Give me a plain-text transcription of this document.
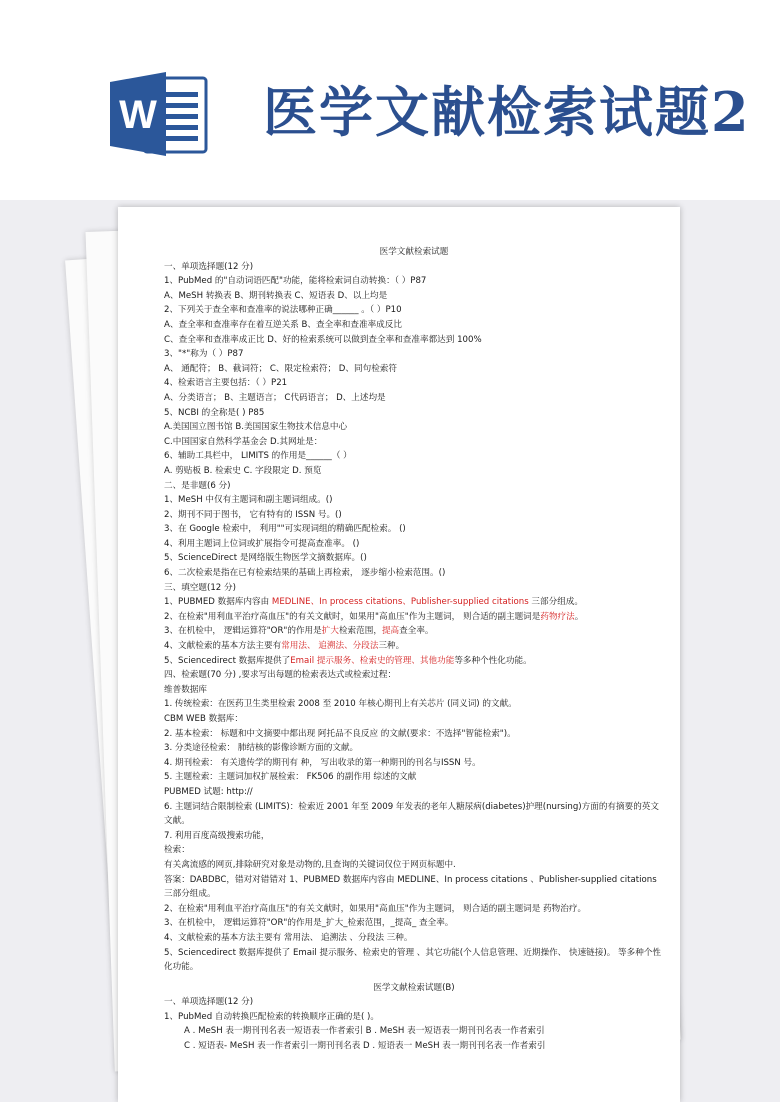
W 医学文献检索试题2
医学文献检索试题
一、单项选择题(12 分)
1、PubMed 的"自动词语匹配"功能，能将检索词自动转换：（ ）P87
A、MeSH 转换表 B、期刊转换表 C、短语表 D、以上均是
2、下列关于查全率和查准率的说法哪种正确______ 。（ ）P10
A、查全率和查准率存在着互逆关系 B、查全率和查准率成反比
C、查全率和查准率成正比 D、好的检索系统可以做到查全率和查准率都达到 100%
3、"*"称为（ ）P87
A、 通配符； B、截词符； C、限定检索符； D、同句检索符
4、检索语言主要包括：（ ）P21
A、分类语言； B、主题语言； C代码语言； D、上述均是
5、NCBI 的全称是( ) P85
A.美国国立图书馆 B.美国国家生物技术信息中心
C.中国国家自然科学基金会 D.其网址是：
6、辅助工具栏中， LIMITS 的作用是______（ ）
A. 剪贴板 B. 检索史 C. 字段限定 D. 预览
二、是非题(6 分)
1、MeSH 中仅有主题词和副主题词组成。()
2、期刊不同于图书， 它有特有的 ISSN 号。()
3、在 Google 检索中， 利用""可实现词组的精确匹配检索。 ()
4、利用主题词上位词或扩展指令可提高查准率。 ()
5、ScienceDirect 是网络版生物医学文摘数据库。()
6、二次检索是指在已有检索结果的基础上再检索， 逐步缩小检索范围。()
三、填空题(12 分)
1、PUBMED 数据库内容由 MEDLINE、In process citations、Publisher-supplied citations 三部分组成。
2、在检索"用利血平治疗高血压"的有关文献时，如果用"高血压"作为主题词， 则合适的副主题词是药物疗法。
3、在机检中， 逻辑运算符"OR"的作用是扩大检索范围，提高查全率。
4、文献检索的基本方法主要有常用法、 追溯法、分段法三种。
5、Sciencedirect 数据库提供了Email 提示服务、检索史的管理、其他功能等多种个性化功能。
四、检索题(70 分) ,要求写出每题的检索表达式或检索过程：
维普数据库
1. 传统检索：在医药卫生类里检索 2008 至 2010 年核心期刊上有关芯片 (同义词) 的文献。
CBM WEB 数据库：
2. 基本检索： 标题和中文摘要中都出现 阿托品不良反应 的文献(要求：不选择"智能检索")。
3. 分类途径检索： 肺结核的影像诊断方面的文献。
4. 期刊检索： 有关遗传学的期刊有 种， 写出收录的第一种期刊的刊名与ISSN 号。
5. 主题检索：主题词加权扩展检索： FK506 的副作用 综述的文献
PUBMED 试题: http://
6. 主题词结合限制检索 (LIMITS)：检索近 2001 年至 2009 年发表的老年人糖尿病(diabetes)护理(nursing)方面的有摘要的英文文献。
7. 利用百度高级搜索功能，
检索：
有关禽流感的网页,排除研究对象是动物的,且查询的关键词仅位于网页标题中.
答案：DABDBC，错对对错错对 1、PUBMED 数据库内容由 MEDLINE、In process citations 、Publisher-supplied citations 三部分组成。
2、在检索"用利血平治疗高血压"的有关文献时，如果用"高血压"作为主题词， 则合适的副主题词是 药物治疗。
3、在机检中， 逻辑运算符"OR"的作用是_扩大_检索范围，_提高_ 查全率。
4、文献检索的基本方法主要有 常用法、 追溯法 、分段法 三种。
5、Sciencedirect 数据库提供了 Email 提示服务、检索史的管理 、其它功能(个人信息管理、近期操作、 快速链接)。 等多种个性化功能。
医学文献检索试题(B)
一、单项选择题(12 分)
1、PubMed 自动转换匹配检索的转换顺序正确的是( )。
A . MeSH 表一期刊刊名表一短语表一作者索引 B . MeSH 表一短语表一期刊刊名表一作者索引
C . 短语表- MeSH 表一作者索引一期刊刊名表 D . 短语表一 MeSH 表一期刊刊名表一作者索引
